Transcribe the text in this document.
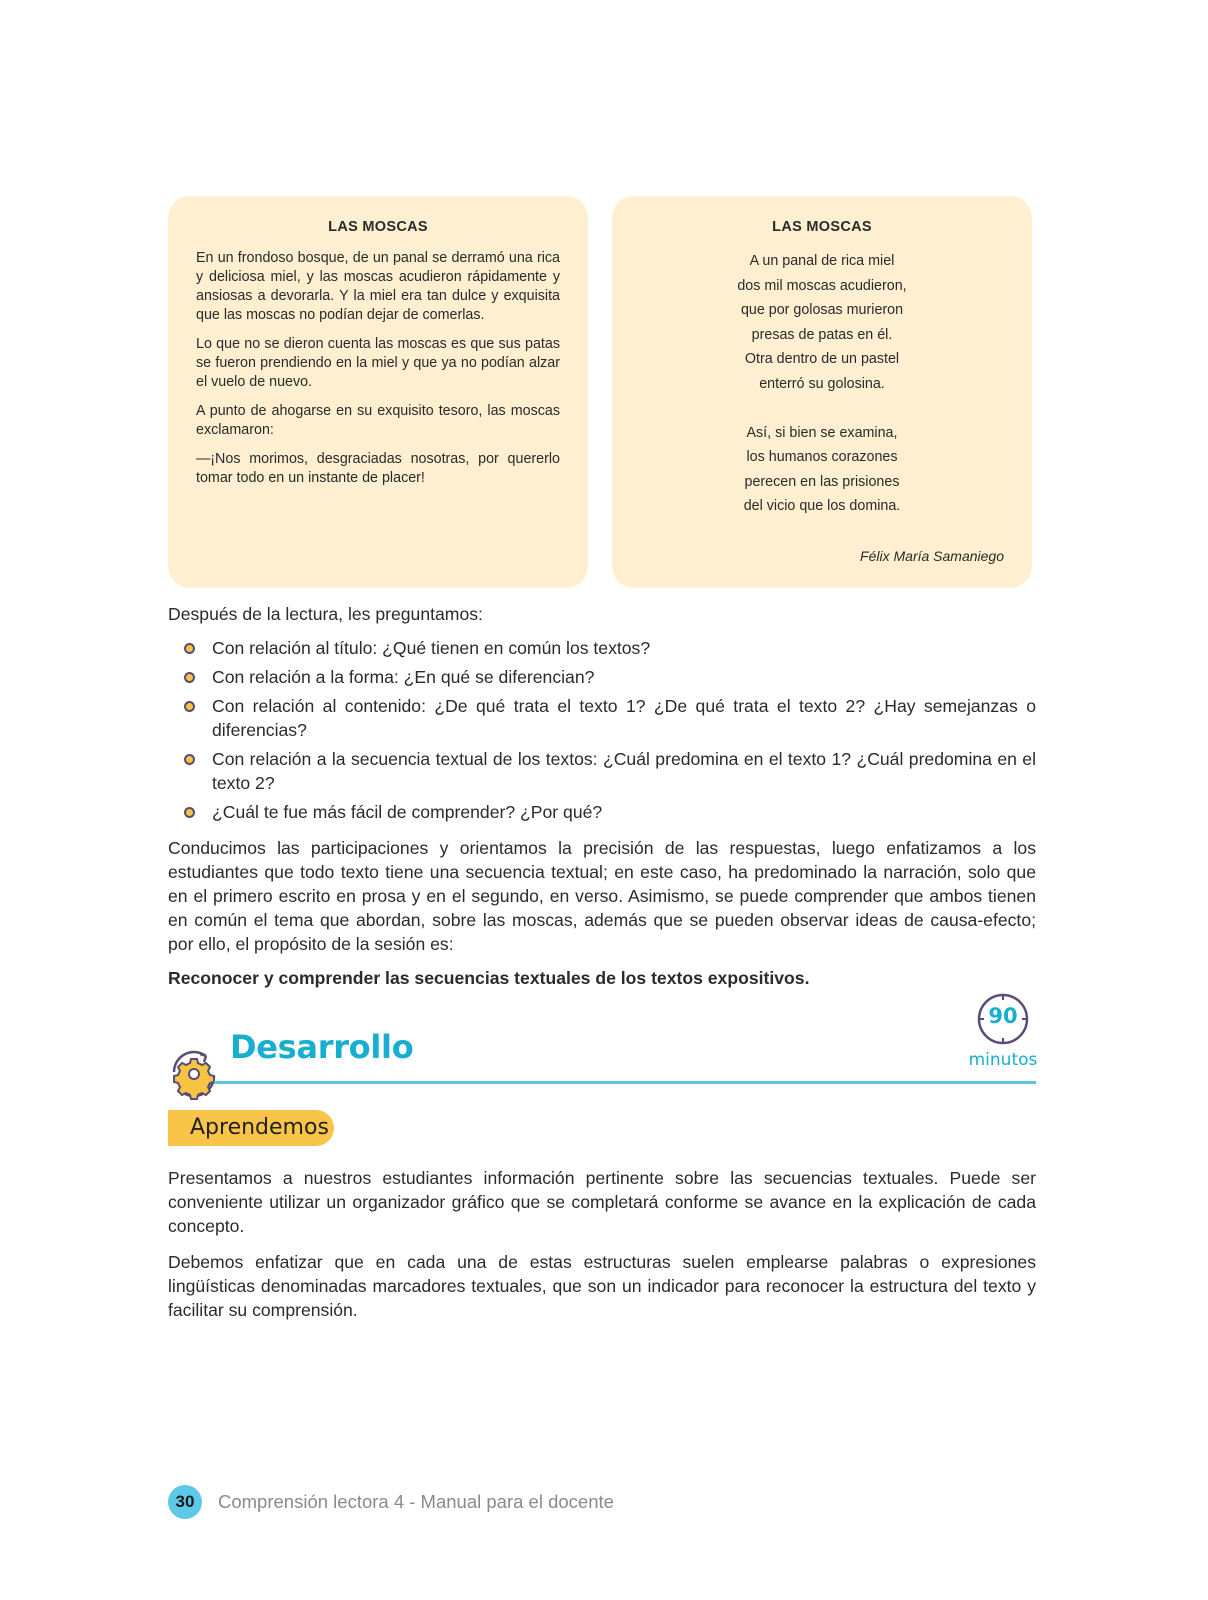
LAS MOSCAS

En un frondoso bosque, de un panal se derramó una rica y deliciosa miel, y las moscas acudieron rápidamente y ansiosas a devorarla. Y la miel era tan dulce y exquisita que las moscas no podían dejar de comerlas.

Lo que no se dieron cuenta las moscas es que sus patas se fueron prendiendo en la miel y que ya no podían alzar el vuelo de nuevo.

A punto de ahogarse en su exquisito tesoro, las moscas exclamaron:

—¡Nos morimos, desgraciadas nosotras, por quererlo tomar todo en un instante de placer!

LAS MOSCAS
A un panal de rica miel
dos mil moscas acudieron,
que por golosas murieron
presas de patas en él.
Otra dentro de un pastel
enterró su golosina.
Así, si bien se examina,
los humanos corazones
perecen en las prisiones
del vicio que los domina.
Félix María Samaniego
Después de la lectura, les preguntamos:
Con relación al título: ¿Qué tienen en común los textos?
Con relación a la forma: ¿En qué se diferencian?
Con relación al contenido: ¿De qué trata el texto 1? ¿De qué trata el texto 2? ¿Hay semejanzas o diferencias?
Con relación a la secuencia textual de los textos: ¿Cuál predomina en el texto 1? ¿Cuál predomina en el texto 2?
¿Cuál te fue más fácil de comprender? ¿Por qué?

Conducimos las participaciones y orientamos la precisión de las respuestas, luego enfatizamos a los estudiantes que todo texto tiene una secuencia textual; en este caso, ha predominado la narración, solo que en el primero escrito en prosa y en el segundo, en verso. Asimismo, se puede comprender que ambos tienen en común el tema que abordan, sobre las moscas, además que se pueden observar ideas de causa-efecto; por ello, el propósito de la sesión es:

Reconocer y comprender las secuencias textuales de los textos expositivos.
Desarrollo
90
minutos
Aprendemos

Presentamos a nuestros estudiantes información pertinente sobre las secuencias textuales. Puede ser conveniente utilizar un organizador gráfico que se completará conforme se avance en la explicación de cada concepto.

Debemos enfatizar que en cada una de estas estructuras suelen emplearse palabras o expresiones lingüísticas denominadas marcadores textuales, que son un indicador para reconocer la estructura del texto y facilitar su comprensión.

30	Comprensión lectora 4 - Manual para el docente
